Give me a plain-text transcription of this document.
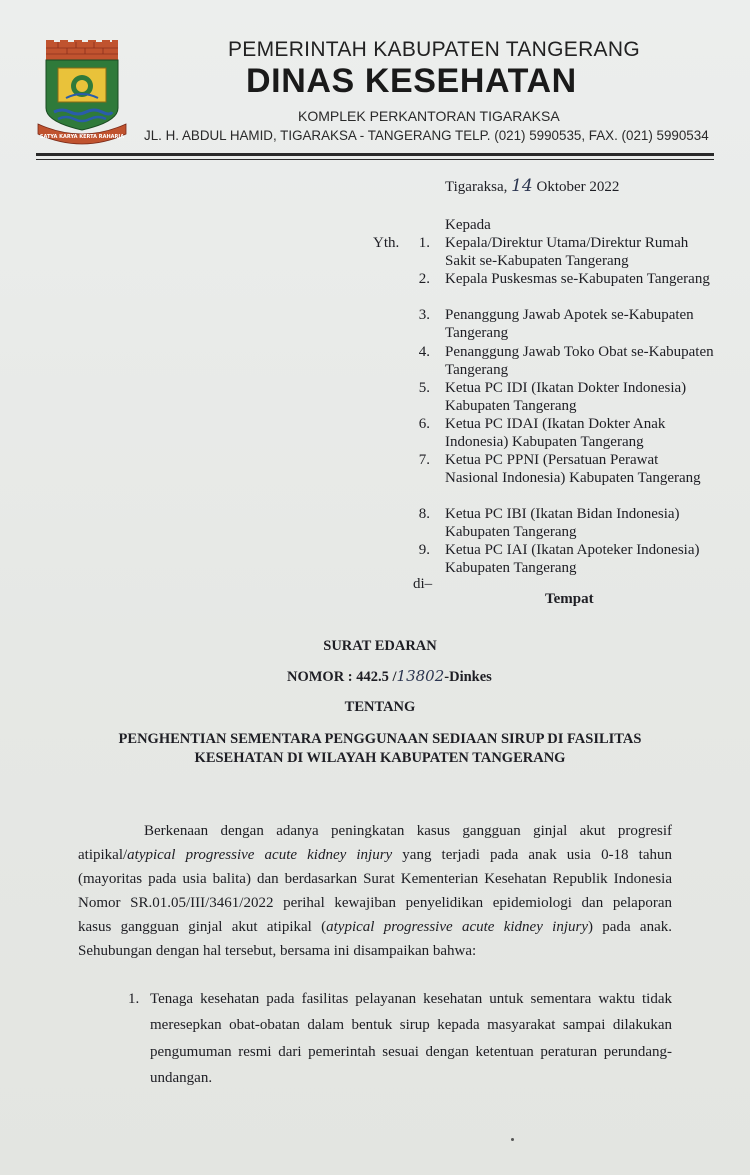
SATYA KARYA KERTA RAHARJA
PEMERINTAH KABUPATEN TANGERANG
DINAS KESEHATAN
KOMPLEK PERKANTORAN TIGARAKSA
JL. H. ABDUL HAMID, TIGARAKSA - TANGERANG TELP. (021) 5990535, FAX. (021) 5990534
Tigaraksa, 14 Oktober 2022
Kepada
Yth.	1. Kepala/Direktur Utama/Direktur Rumah Sakit se-Kabupaten Tangerang
2. Kepala Puskesmas se-Kabupaten Tangerang
3. Penanggung Jawab Apotek se-Kabupaten Tangerang
4. Penanggung Jawab Toko Obat se-Kabupaten Tangerang
5. Ketua PC IDI (Ikatan Dokter Indonesia) Kabupaten Tangerang
6. Ketua PC IDAI (Ikatan Dokter Anak Indonesia) Kabupaten Tangerang
7. Ketua PC PPNI (Persatuan Perawat Nasional Indonesia) Kabupaten Tangerang
8. Ketua PC IBI (Ikatan Bidan Indonesia) Kabupaten Tangerang
9. Ketua PC IAI (Ikatan Apoteker Indonesia) Kabupaten Tangerang
di–
Tempat
SURAT EDARAN
NOMOR : 442.5 /13802-Dinkes
TENTANG
PENGHENTIAN SEMENTARA PENGGUNAAN SEDIAAN SIRUP DI FASILITAS
KESEHATAN DI WILAYAH KABUPATEN TANGERANG
Berkenaan dengan adanya peningkatan kasus gangguan ginjal akut progresif
atipikal/atypical progressive acute kidney injury yang terjadi pada anak usia 0-18 tahun
(mayoritas pada usia balita) dan berdasarkan Surat Kementerian Kesehatan Republik Indonesia
Nomor SR.01.05/III/3461/2022 perihal kewajiban penyelidikan epidemiologi dan pelaporan
kasus gangguan ginjal akut atipikal (atypical progressive acute kidney injury) pada anak.
Sehubungan dengan hal tersebut, bersama ini disampaikan bahwa:
1. Tenaga kesehatan pada fasilitas pelayanan kesehatan untuk sementara waktu tidak
meresepkan obat-obatan dalam bentuk sirup kepada masyarakat sampai dilakukan
pengumuman resmi dari pemerintah sesuai dengan ketentuan peraturan perundang-
undangan.
